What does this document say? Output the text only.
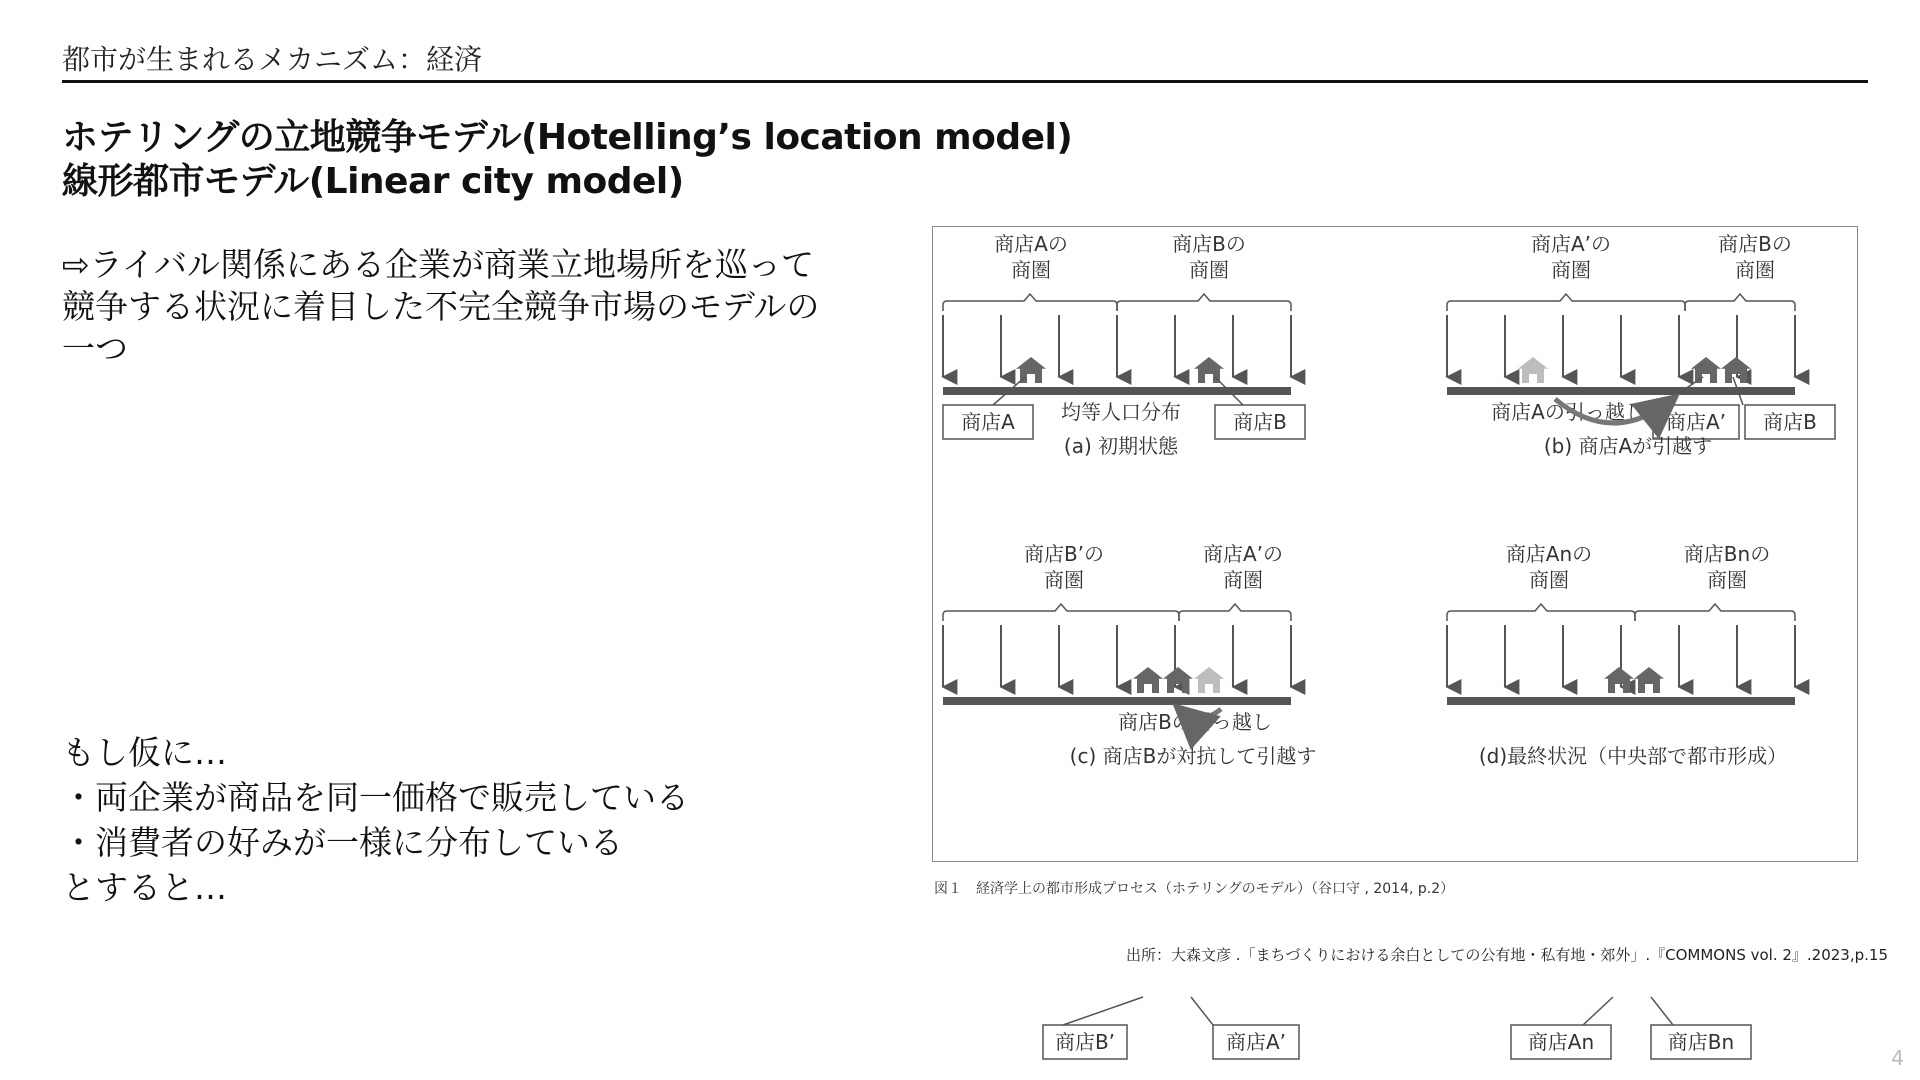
都市が生まれるメカニズム：経済
ホテリングの立地競争モデル(Hotelling’s location model)
線形都市モデル(Linear city model)
⇨ライバル関係にある企業が商業立地場所を巡って
競争する状況に着目した不完全競争市場のモデルの
一つ
もし仮に…
・両企業が商品を同一価格で販売している
・消費者の好みが一様に分布している
とすると…
商店Aの
商圏
商店Bの
商圏
商店A	商店B
均等人口分布
(a) 初期状態
商店A’の
商圏
商店Bの
商圏
商店A’ 商店B
商店Aの引っ越し
(b) 商店Aが引越す
商店B’の
商圏
商店A’の
商圏
商店B’	商店A’
商店Bの引っ越し
(c) 商店Bが対抗して引越す
商店Anの
商圏
商店Bnの
商圏
商店An	商店Bn
(d)最終状況（中央部で都市形成）
図１　経済学上の都市形成プロセス（ホテリングのモデル）（谷口守 , 2014, p.2）
出所：大森文彦 .「まちづくりにおける余白としての公有地・私有地・郊外」.『COMMONS vol. 2』.2023,p.15
4
